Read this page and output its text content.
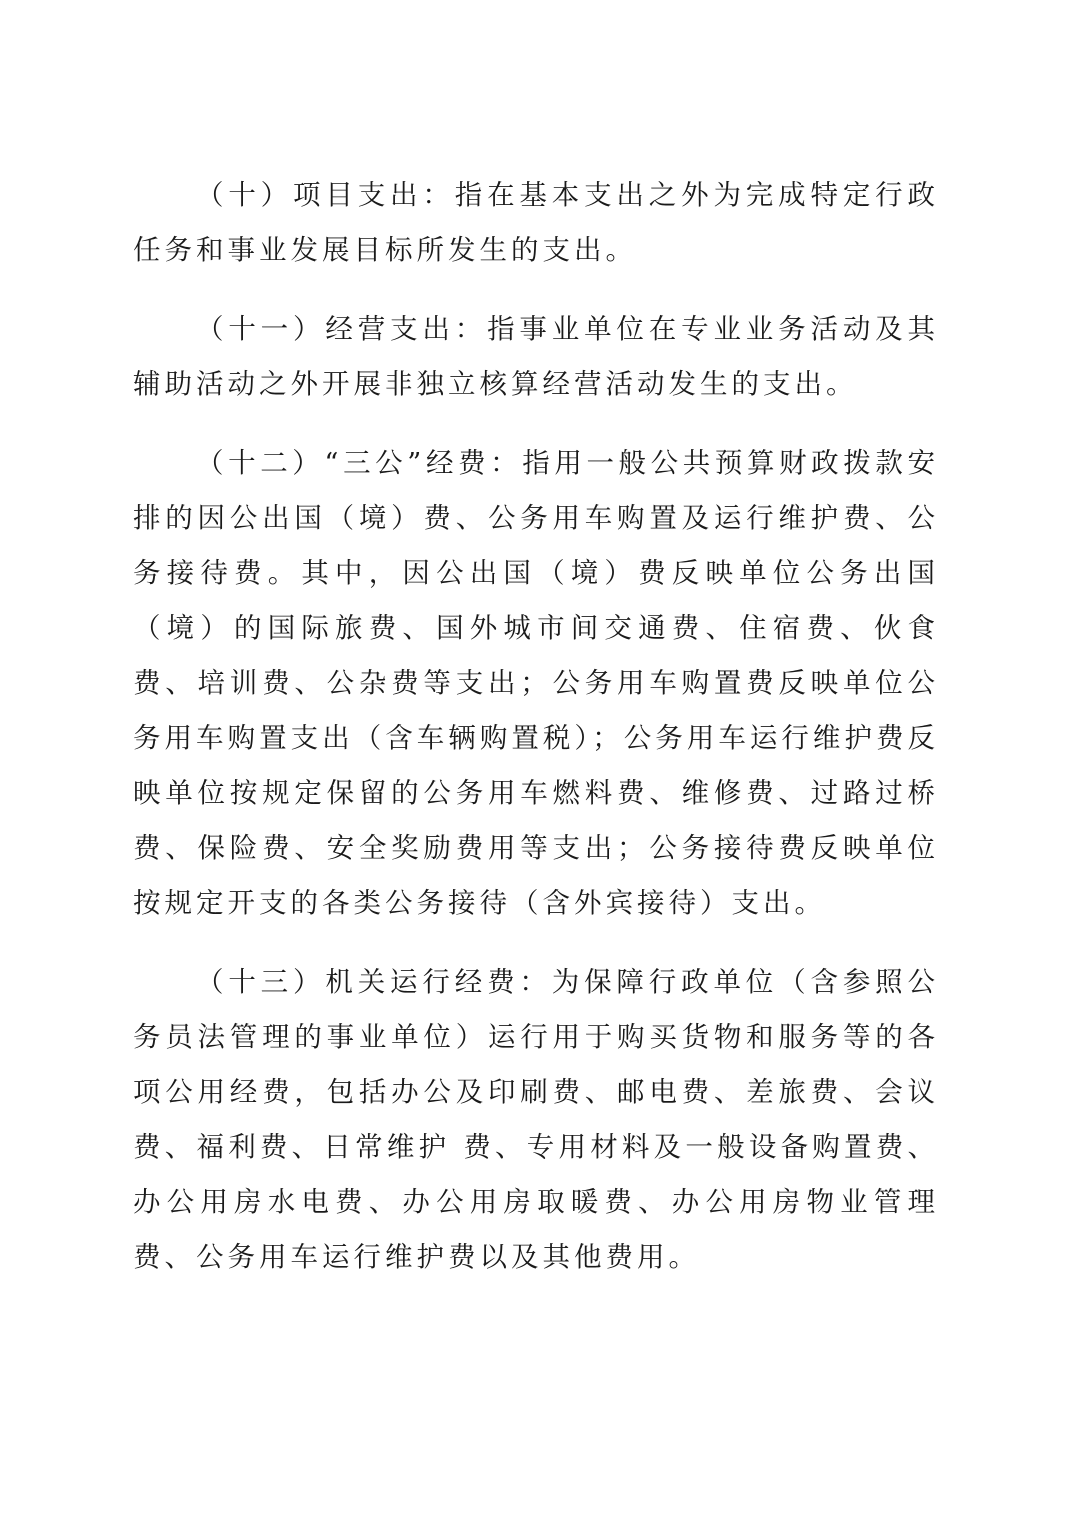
（十）项目支出：指在基本支出之外为完成特定行政任务和事业发展目标所发生的支出。

（十一）经营支出：指事业单位在专业业务活动及其辅助活动之外开展非独立核算经营活动发生的支出。

（十二）“三公”经费：指用一般公共预算财政拨款安排的因公出国（境）费、公务用车购置及运行维护费、公务接待费。其中，因公出国（境）费反映单位公务出国（境）的国际旅费、国外城市间交通费、住宿费、伙食费、培训费、公杂费等支出；公务用车购置费反映单位公务用车购置支出（含车辆购置税）；公务用车运行维护费反映单位按规定保留的公务用车燃料费、维修费、过路过桥费、保险费、安全奖励费用等支出；公务接待费反映单位按规定开支的各类公务接待（含外宾接待）支出。

（十三）机关运行经费：为保障行政单位（含参照公务员法管理的事业单位）运行用于购买货物和服务等的各项公用经费，包括办公及印刷费、邮电费、差旅费、会议费、福利费、日常维护 费、专用材料及一般设备购置费、办公用房水电费、办公用房取暖费、办公用房物业管理费、公务用车运行维护费以及其他费用。
